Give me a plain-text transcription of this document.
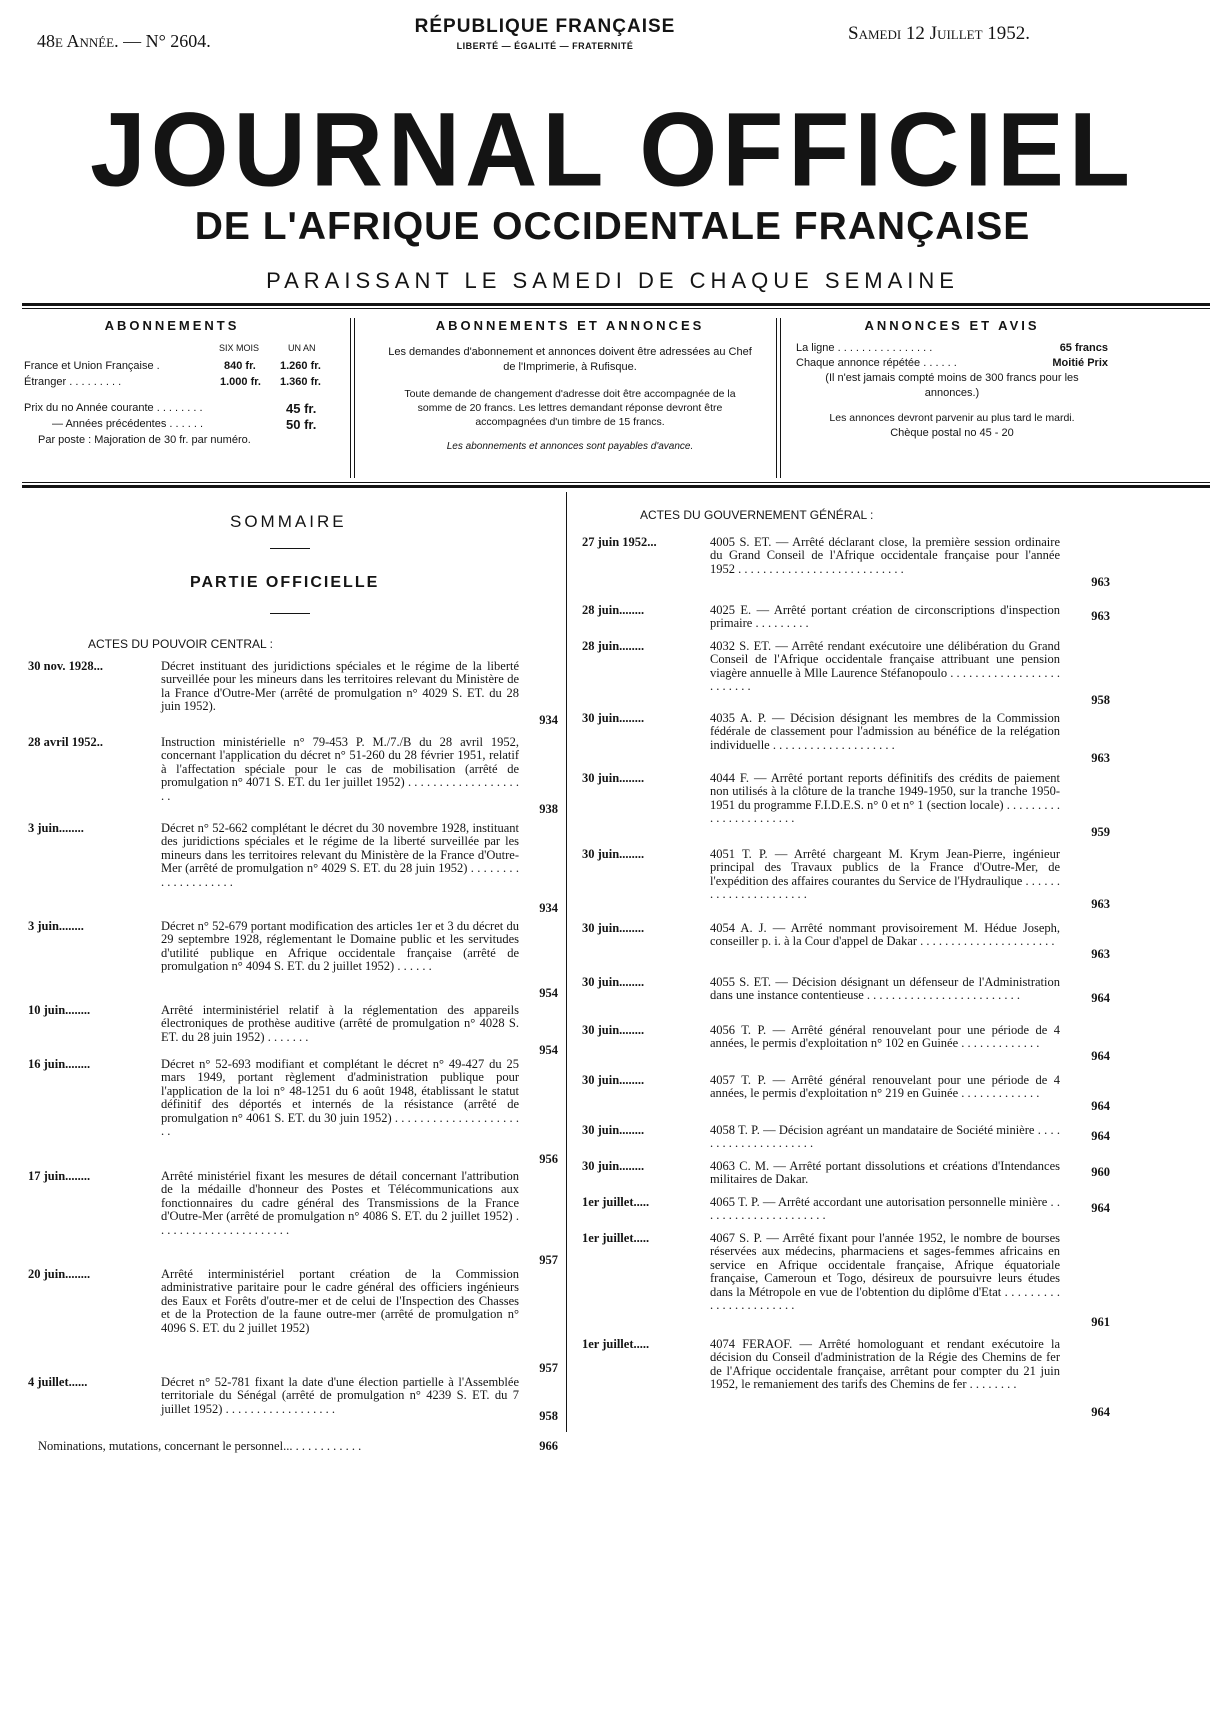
48e Année. — N° 2604.
RÉPUBLIQUE FRANÇAISE
LIBERTÉ — ÉGALITÉ — FRATERNITÉ
Samedi 12 Juillet 1952.
JOURNAL OFFICIEL
DE L'AFRIQUE OCCIDENTALE FRANÇAISE
PARAISSANT LE SAMEDI DE CHAQUE SEMAINE
ABONNEMENTS
SIX MOIS	UN AN
France et Union Française .	840 fr. 1.260 fr.
Étranger . . . . . . . . .	1.000 fr. 1.360 fr.
Prix du no Année courante . . . . . . . .	45 fr.
— Années précédentes . . . . . .	50 fr.
Par poste : Majoration de 30 fr. par numéro.
ABONNEMENTS ET ANNONCES
Les demandes d'abonnement et annonces doivent être adressées au Chef de l'Imprimerie, à Rufisque.
Toute demande de changement d'adresse doit être accompagnée de la somme de 20 francs. Les lettres demandant réponse devront être accompagnées d'un timbre de 15 francs.
Les abonnements et annonces sont payables d'avance.
ANNONCES ET AVIS
La ligne . . . . . . . . . . . . . . . .	65 francs
Chaque annonce répétée . . . . . .	Moitié Prix
(Il n'est jamais compté moins de 300 francs pour les annonces.)
Les annonces devront parvenir au plus tard le mardi.
Chèque postal no 45 - 20
SOMMAIRE
PARTIE OFFICIELLE
ACTES DU POUVOIR CENTRAL :
ACTES DU GOUVERNEMENT GÉNÉRAL :
30 nov. 1928...	Décret instituant des juridictions spéciales et le régime de la liberté surveillée pour les mineurs dans les territoires relevant du Ministère de la France d'Outre-Mer (arrêté de promulgation n° 4029 S. ET. du 28 juin 1952).
934
28 avril 1952..	Instruction ministérielle n° 79-453 P. M./7./B du 28 avril 1952, concernant l'application du décret n° 51-260 du 28 février 1951, relatif à l'affectation spéciale pour le cas de mobilisation (arrêté de promulgation n° 4071 S. ET. du 1er juillet 1952) . . . . . . . . . . . . . . . . . . . .
938
3 juin........	Décret n° 52-662 complétant le décret du 30 novembre 1928, instituant des juridictions spéciales et le régime de la liberté surveillée par les mineurs dans les territoires relevant du Ministère de la France d'Outre-Mer (arrêté de promulgation n° 4029 S. ET. du 28 juin 1952) . . . . . . . . . . . . . . . . . . . .
934
3 juin........	Décret n° 52-679 portant modification des articles 1er et 3 du décret du 29 septembre 1928, réglementant le Domaine public et les servitudes d'utilité publique en Afrique occidentale française (arrêté de promulgation n° 4094 S. ET. du 2 juillet 1952) . . . . . .
954
10 juin........	Arrêté interministériel relatif à la réglementation des appareils électroniques de prothèse auditive (arrêté de promulgation n° 4028 S. ET. du 28 juin 1952) . . . . . . .
954
16 juin........	Décret n° 52-693 modifiant et complétant le décret n° 49-427 du 25 mars 1949, portant règlement d'administration publique pour l'application de la loi n° 48-1251 du 6 août 1948, établissant le statut définitif des déportés et internés de la résistance (arrêté de promulgation n° 4061 S. ET. du 30 juin 1952) . . . . . . . . . . . . . . . . . . . . . .
956
17 juin........	Arrêté ministériel fixant les mesures de détail concernant l'attribution de la médaille d'honneur des Postes et Télécommunications aux fonctionnaires du cadre général des Transmissions de la France d'Outre-Mer (arrêté de promulgation n° 4086 S. ET. du 2 juillet 1952) . . . . . . . . . . . . . . . . . . . . . .
957
20 juin........	Arrêté interministériel portant création de la Commission administrative paritaire pour le cadre général des officiers ingénieurs des Eaux et Forêts d'outre-mer et de celui de l'Inspection des Chasses et de la Protection de la faune outre-mer (arrêté de promulgation n° 4096 S. ET. du 2 juillet 1952)
957
4 juillet......	Décret n° 52-781 fixant la date d'une élection partielle à l'Assemblée territoriale du Sénégal (arrêté de promulgation n° 4239 S. ET. du 7 juillet 1952) . . . . . . . . . . . . . . . . . .
958
Nominations, mutations, concernant le personnel... . . . . . . . . . . .	966
27 juin 1952...	4005 S. ET. — Arrêté déclarant close, la première session ordinaire du Grand Conseil de l'Afrique occidentale française pour l'année 1952 . . . . . . . . . . . . . . . . . . . . . . . . . . .
963
28 juin........	4025 E. — Arrêté portant création de circonscriptions d'inspection primaire . . . . . . . . .
963
28 juin........	4032 S. ET. — Arrêté rendant exécutoire une délibération du Grand Conseil de l'Afrique occidentale française attribuant une pension viagère annuelle à Mlle Laurence Stéfanopoulo . . . . . . . . . . . . . . . . . . . . . . . . .
958
30 juin........	4035 A. P. — Décision désignant les membres de la Commission fédérale de classement pour l'admission au bénéfice de la relégation individuelle . . . . . . . . . . . . . . . . . . . .
963
30 juin........	4044 F. — Arrêté portant reports définitifs des crédits de paiement non utilisés à la clôture de la tranche 1949-1950, sur la tranche 1950-1951 du programme F.I.D.E.S. n° 0 et n° 1 (section locale) . . . . . . . . . . . . . . . . . . . . . . .
959
30 juin........	4051 T. P. — Arrêté chargeant M. Krym Jean-Pierre, ingénieur principal des Travaux publics de la France d'Outre-Mer, de l'expédition des affaires courantes du Service de l'Hydraulique . . . . . . . . . . . . . . . . . . . . . .
963
30 juin........	4054 A. J. — Arrêté nommant provisoirement M. Hédue Joseph, conseiller p. i. à la Cour d'appel de Dakar . . . . . . . . . . . . . . . . . . . . . .
963
30 juin........	4055 S. ET. — Décision désignant un défenseur de l'Administration dans une instance contentieuse . . . . . . . . . . . . . . . . . . . . . . . . .	964
30 juin........	4056 T. P. — Arrêté général renouvelant pour une période de 4 années, le permis d'exploitation n° 102 en Guinée . . . . . . . . . . . . .
964
30 juin........	4057 T. P. — Arrêté général renouvelant pour une période de 4 années, le permis d'exploitation n° 219 en Guinée . . . . . . . . . . . . .
964
30 juin........	4058 T. P. — Décision agréant un mandataire de Société minière . . . . . . . . . . . . . . . . . . . . .
964
30 juin........	4063 C. M. — Arrêté portant dissolutions et créations d'Intendances militaires de Dakar.
960
1er juillet.....	4065 T. P. — Arrêté accordant une autorisation personnelle minière . . . . . . . . . . . . . . . . . . . . .
964
1er juillet.....	4067 S. P. — Arrêté fixant pour l'année 1952, le nombre de bourses réservées aux médecins, pharmaciens et sages-femmes africains en service en Afrique occidentale française, Afrique équatoriale française, Cameroun et Togo, désireux de poursuivre leurs études dans la Métropole en vue de l'obtention du diplôme d'Etat . . . . . . . . . . . . . . . . . . . . . . .
961
1er juillet.....	4074 FERAOF. — Arrêté homologuant et rendant exécutoire la décision du Conseil d'administration de la Régie des Chemins de fer de l'Afrique occidentale française, arrêtant pour compter du 21 juin 1952, le remaniement des tarifs des Chemins de fer . . . . . . . .
964
